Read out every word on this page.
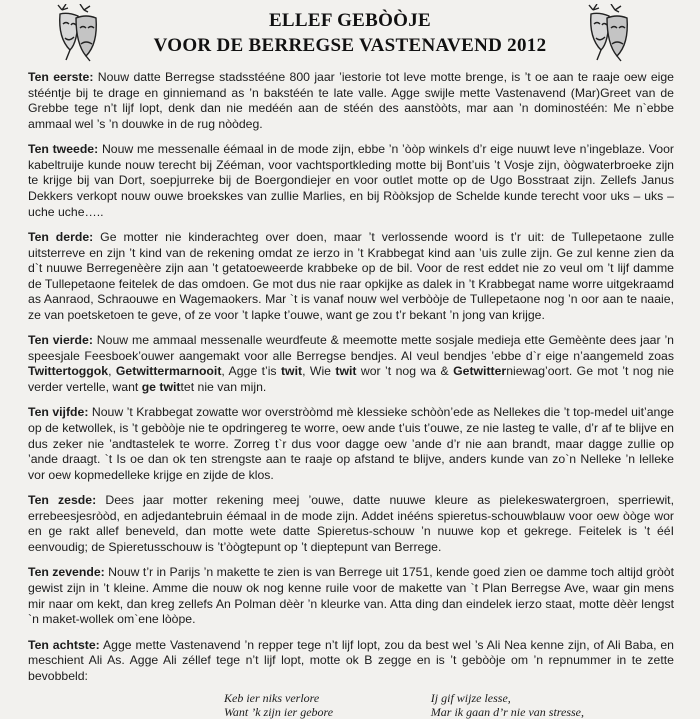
ELLEF GEBÒÒJE
VOOR DE BERREGSE VASTENAVEND 2012

Ten eerste: Nouw datte Berregse stadsstééne 800 jaar ’iestorie tot leve motte brenge, is ’t oe aan te raaje oew eige stééntje bij te drage en ginniemand as ’n bakstéén te late valle. Agge swijle mette Vastenavend (Mar)Greet van de Grebbe tege n’t lijf lopt, denk dan nie medéén aan de stéén des aanstòòts, mar aan ’n dominostéén: Me n`ebbe ammaal wel ’s ’n douwke in de rug nòòdeg.

Ten tweede: Nouw me messenalle éémaal in de mode zijn, ebbe ’n ’òòp winkels d’r eige nuuwt leve n’ingeblaze. Voor kabeltruije kunde nouw terecht bij Zééman, voor vachtsportkleding motte bij Bont’uis ’t Vosje zijn, òògwaterbroeke zijn te krijge bij van Dort, soepjurreke bij de Boergondiejer en voor outlet motte op de Ugo Bosstraat zijn. Zellefs Janus Dekkers verkopt nouw ouwe broekskes van zullie Marlies, en bij Ròòksjop de Schelde kunde terecht voor uks – uks – uche uche…..

Ten derde: Ge motter nie kinderachteg over doen, maar ’t verlossende woord is t’r uit: de Tullepetaone zulle uitsterreve en zijn ’t kind van de rekening omdat ze ierzo in ’t Krabbegat kind aan ’uis zulle zijn. Ge zul kenne zien da d`t nuuwe Berregenèère zijn aan ’t getatoeweerde krabbeke op de bil. Voor de rest eddet nie zo veul om ’t lijf damme de Tullepetaone feitelek de das omdoen. Ge mot dus nie raar opkijke as dalek in ’t Krabbegat name worre uitgekraamd as Aanraod, Schraouwe en Wagemaokers. Mar `t is vanaf nouw wel verbòòje de Tullepetaone nog ’n oor aan te naaie, ze van poetsketoen te geve, of ze voor ’t lapke t’ouwe, want ge zou t’r bekant ’n jong van krijge.

Ten vierde: Nouw me ammaal messenalle weurdfeute & meemotte mette sosjale medieja ette Gemèènte dees jaar ’n speesjale Feesboek’ouwer aangemakt voor alle Berregse bendjes. Al veul bendjes ’ebbe d`r eige n’aangemeld zoas Twittertoggok, Getwittermarnooit, Agge t’is twit, Wie twit wor ’t nog wa & Getwitterniewag’oort. Ge mot ’t nog nie verder vertelle, want ge twittet nie van mijn.

Ten vijfde: Nouw ’t Krabbegat zowatte wor overstròòmd mè klessieke schòòn’ede as Nellekes die ’t top-medel uit’ange op de ketwollek, is ’t gebòòje nie te opdringereg te worre, oew ande t’uis t’ouwe, ze nie lasteg te valle, d’r af te blijve en dus zeker nie ’andtastelek te worre. Zorreg t`r dus voor dagge oew ’ande d’r nie aan brandt, maar dagge zullie op ’ande draagt. `t Is oe dan ok ten strengste aan te raaje op afstand te blijve, anders kunde van zo`n Nelleke ’n lelleke vor oew kopmedelleke krijge en zijde de klos.

Ten zesde: Dees jaar motter rekening meej ’ouwe, datte nuuwe kleure as pielekeswatergroen, sperriewit, errebeesjesròòd, en adjedantebruin éémaal in de mode zijn. Addet inééns spieretus-schouwblauw voor oew òòge wor en ge rakt allef beneveld, dan motte wete datte Spieretus-schouw ’n nuuwe kop et gekrege. Feitelek is ’t ééI eenvoudig; de Spieretusschouw is ’t’òògtepunt op ’t dieptepunt van Berrege.

Ten zevende: Nouw t’r in Parijs ’n makette te zien is van Berrege uit 1751, kende goed zien oe damme toch altijd gròòt gewist zijn in ’t kleine. Amme die nouw ok nog kenne ruile voor de makette van `t Plan Berregse Ave, waar gin mens mir naar om kekt, dan kreg zellefs An Polman dèèr ’n kleurke van. Atta ding dan eindelek ierzo staat, motte dèèr lengst `n maket-wollek om`ene lòòpe.

Ten achtste: Agge mette Vastenavend ’n repper tege n’t lijf lopt, zou da best wel ’s Ali Nea kenne zijn, of Ali Baba, en meschient Ali As. Agge Ali zéllef tege n’t lijf lopt, motte ok B zegge en is ’t gebòòje om ’n repnummer in te zette bevobbeld:

Keb ier niks verlore
Want ’k zijn ier gebore
Ij gif wijze lesse,
Mar ik gaan d’r nie van stresse,
